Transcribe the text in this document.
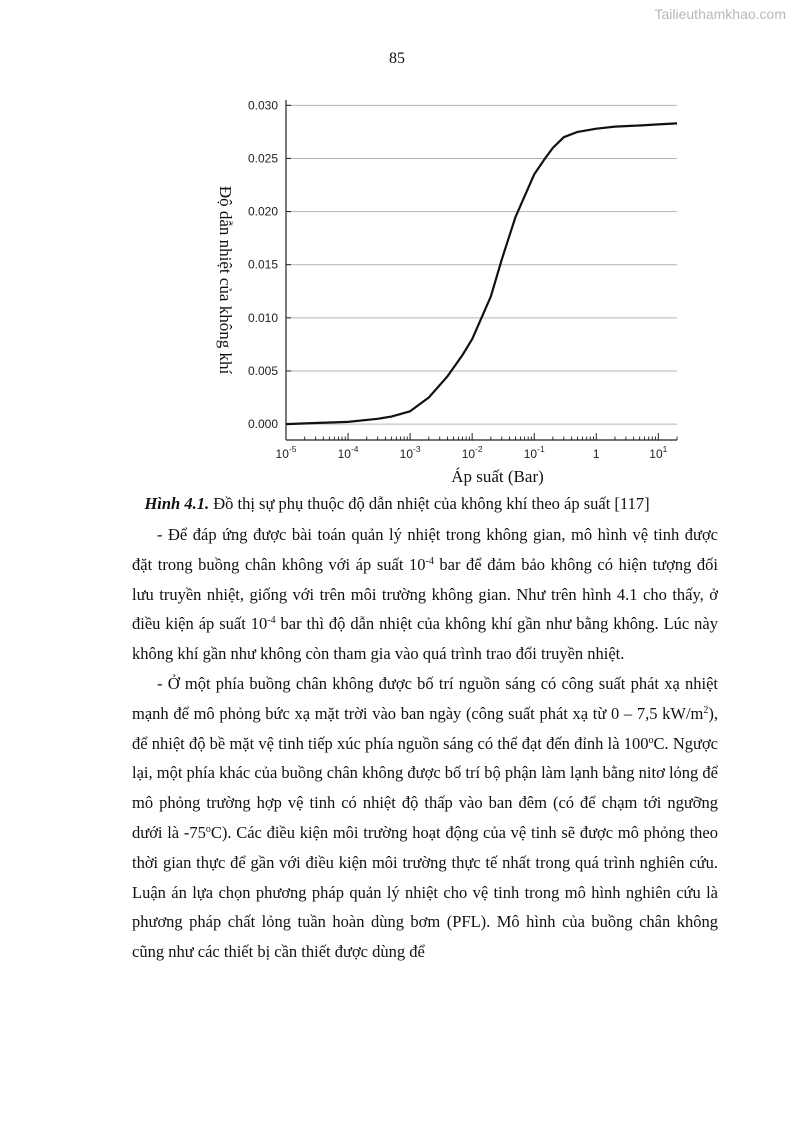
Tailieuthamkhao.com
85
0.000
0.005
0.010
0.015
0.020
0.025
0.030
$10^{-5}$	$10^{-4}$	$10^{-3}$	$10^{-2}$	$10^{-1}$	1	$10^1$
Áp suất (Bar)
Độ dẫn nhiệt của không khí
Hình 4.1. Đồ thị sự phụ thuộc độ dẫn nhiệt của không khí theo áp suất [117]

- Để đáp ứng được bài toán quản lý nhiệt trong không gian, mô hình vệ tinh được đặt trong buồng chân không với áp suất $10^{-4}$ bar để đảm bảo không có hiện tượng đối lưu truyền nhiệt, giống với trên môi trường không gian. Như trên hình 4.1 cho thấy, ở điều kiện áp suất $10^{-4}$ bar thì độ dẫn nhiệt của không khí gần như bằng không. Lúc này không khí gần như không còn tham gia vào quá trình trao đổi truyền nhiệt.

- Ở một phía buồng chân không được bố trí nguồn sáng có công suất phát xạ nhiệt mạnh để mô phỏng bức xạ mặt trời vào ban ngày (công suất phát xạ từ 0 – 7,5 $kW/m^2$), để nhiệt độ bề mặt vệ tinh tiếp xúc phía nguồn sáng có thể đạt đến đỉnh là 100$^o$C. Ngược lại, một phía khác của buồng chân không được bố trí bộ phận làm lạnh bằng nitơ lỏng để mô phỏng trường hợp vệ tinh có nhiệt độ thấp vào ban đêm (có để chạm tới ngưỡng dưới là -75$^o$C). Các điều kiện môi trường hoạt động của vệ tinh sẽ được mô phỏng theo thời gian thực để gần với điều kiện môi trường thực tế nhất trong quá trình nghiên cứu. Luận án lựa chọn phương pháp quản lý nhiệt cho vệ tinh trong mô hình nghiên cứu là phương pháp chất lỏng tuần hoàn dùng bơm (PFL). Mô hình của buồng chân không cũng như các thiết bị cần thiết được dùng để
